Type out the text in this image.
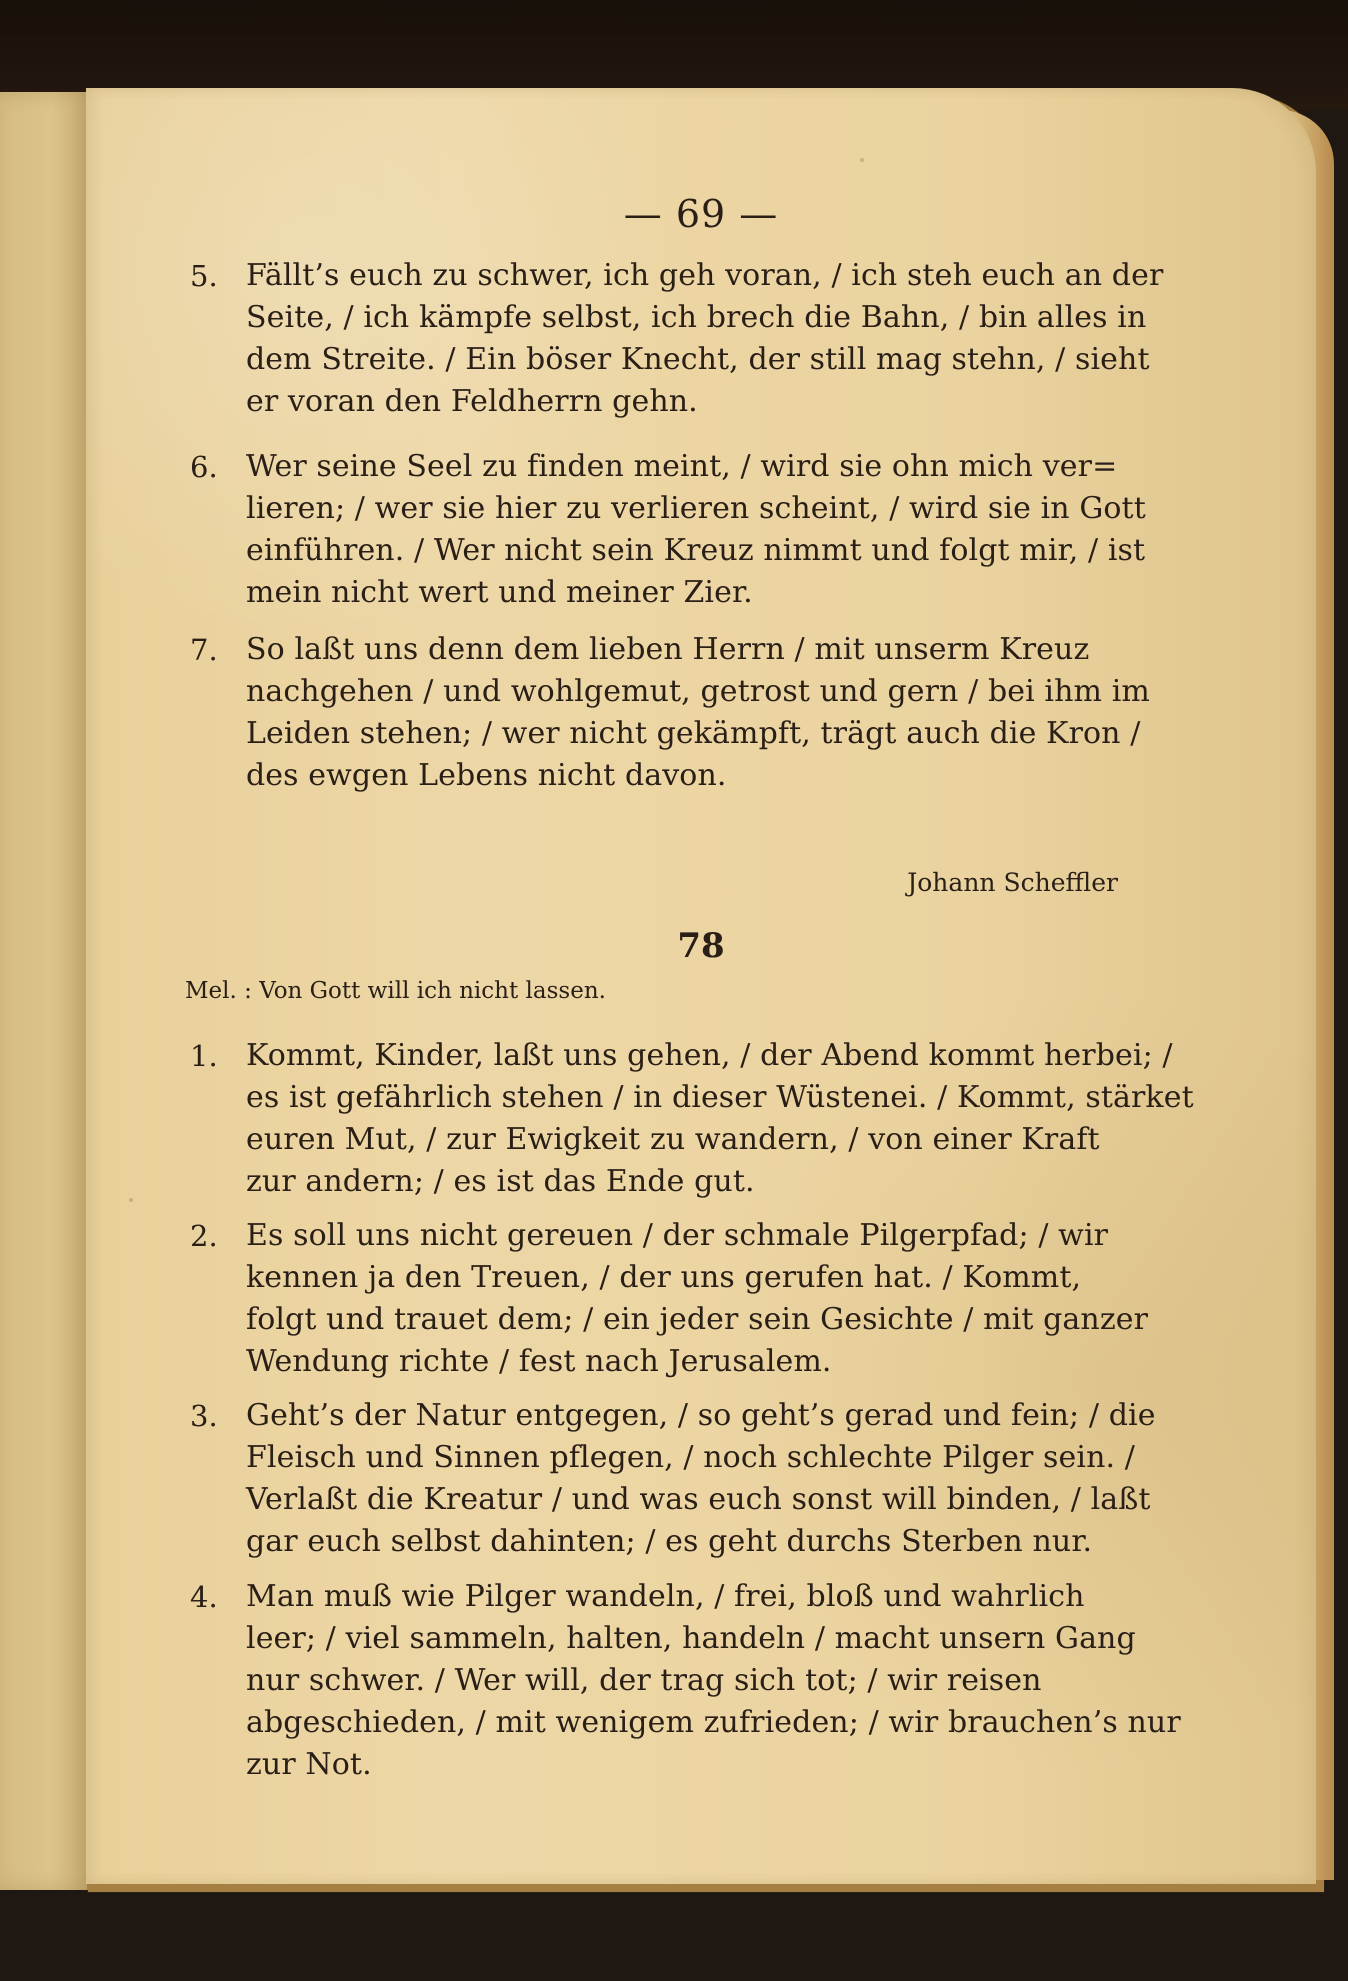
— 69 —
5. Fällt’s euch zu schwer, ich geh voran, / ich steh euch an der
Seite, / ich kämpfe selbst, ich brech die Bahn, / bin alles in
dem Streite. / Ein böser Knecht, der still mag stehn, / sieht
er voran den Feldherrn gehn.
6. Wer seine Seel zu finden meint, / wird sie ohn mich ver=
lieren; / wer sie hier zu verlieren scheint, / wird sie in Gott
einführen. / Wer nicht sein Kreuz nimmt und folgt mir, / ist
mein nicht wert und meiner Zier.
7. So laßt uns denn dem lieben Herrn / mit unserm Kreuz
nachgehen / und wohlgemut, getrost und gern / bei ihm im
Leiden stehen; / wer nicht gekämpft, trägt auch die Kron /
des ewgen Lebens nicht davon.
Johann Scheffler
78
Mel. : Von Gott will ich nicht lassen.
1. Kommt, Kinder, laßt uns gehen, / der Abend kommt herbei; /
es ist gefährlich stehen / in dieser Wüstenei. / Kommt, stärket
euren Mut, / zur Ewigkeit zu wandern, / von einer Kraft
zur andern; / es ist das Ende gut.
2. Es soll uns nicht gereuen / der schmale Pilgerpfad; / wir
kennen ja den Treuen, / der uns gerufen hat. / Kommt,
folgt und trauet dem; / ein jeder sein Gesichte / mit ganzer
Wendung richte / fest nach Jerusalem.
3. Geht’s der Natur entgegen, / so geht’s gerad und fein; / die
Fleisch und Sinnen pflegen, / noch schlechte Pilger sein. /
Verlaßt die Kreatur / und was euch sonst will binden, / laßt
gar euch selbst dahinten; / es geht durchs Sterben nur.
4. Man muß wie Pilger wandeln, / frei, bloß und wahrlich
leer; / viel sammeln, halten, handeln / macht unsern Gang
nur schwer. / Wer will, der trag sich tot; / wir reisen
abgeschieden, / mit wenigem zufrieden; / wir brauchen’s nur
zur Not.
